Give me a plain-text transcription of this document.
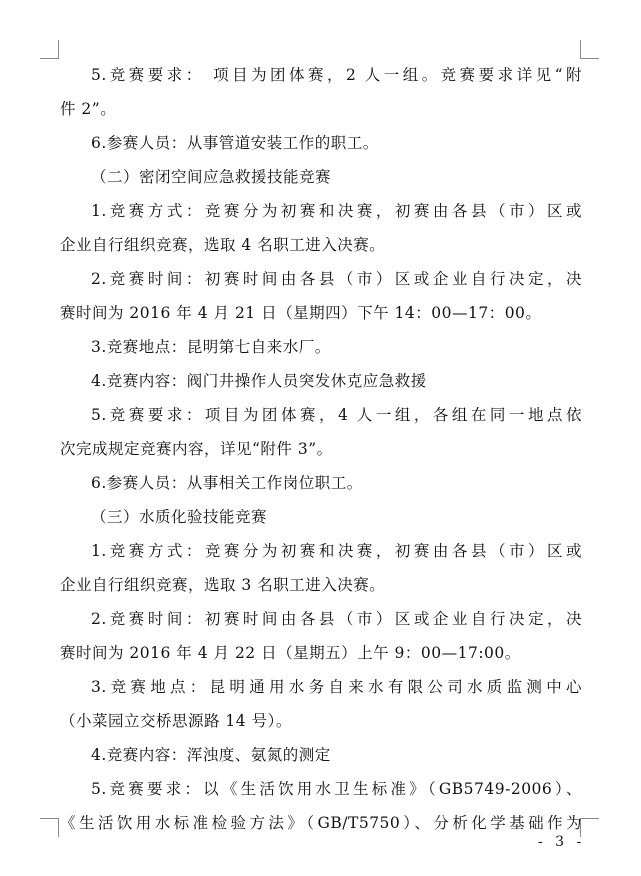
5.竞赛要求： 项目为团体赛，2 人一组。竞赛要求详见“附
件 2”。

6.参赛人员：从事管道安装工作的职工。

（二）密闭空间应急救援技能竞赛

1.竞赛方式：竞赛分为初赛和决赛，初赛由各县（市）区或
企业自行组织竞赛，选取 4 名职工进入决赛。

2.竞赛时间：初赛时间由各县（市）区或企业自行决定，决
赛时间为 2016 年 4 月 21 日（星期四）下午 14：00—17：00。

3.竞赛地点：昆明第七自来水厂。

4.竞赛内容：阀门井操作人员突发休克应急救援

5.竞赛要求：项目为团体赛，4 人一组，各组在同一地点依
次完成规定竞赛内容，详见“附件 3”。

6.参赛人员：从事相关工作岗位职工。

（三）水质化验技能竞赛

1.竞赛方式：竞赛分为初赛和决赛，初赛由各县（市）区或
企业自行组织竞赛，选取 3 名职工进入决赛。

2.竞赛时间：初赛时间由各县（市）区或企业自行决定，决
赛时间为 2016 年 4 月 22 日（星期五）上午 9：00—17:00。

3.竞赛地点：昆明通用水务自来水有限公司水质监测中心
（小菜园立交桥思源路 14 号）。

4.竞赛内容：浑浊度、氨氮的测定

5.竞赛要求：以《生活饮用水卫生标准》（GB5749-2006）、
《生活饮用水标准检验方法》（GB/T5750）、分析化学基础作为

- 3 -
